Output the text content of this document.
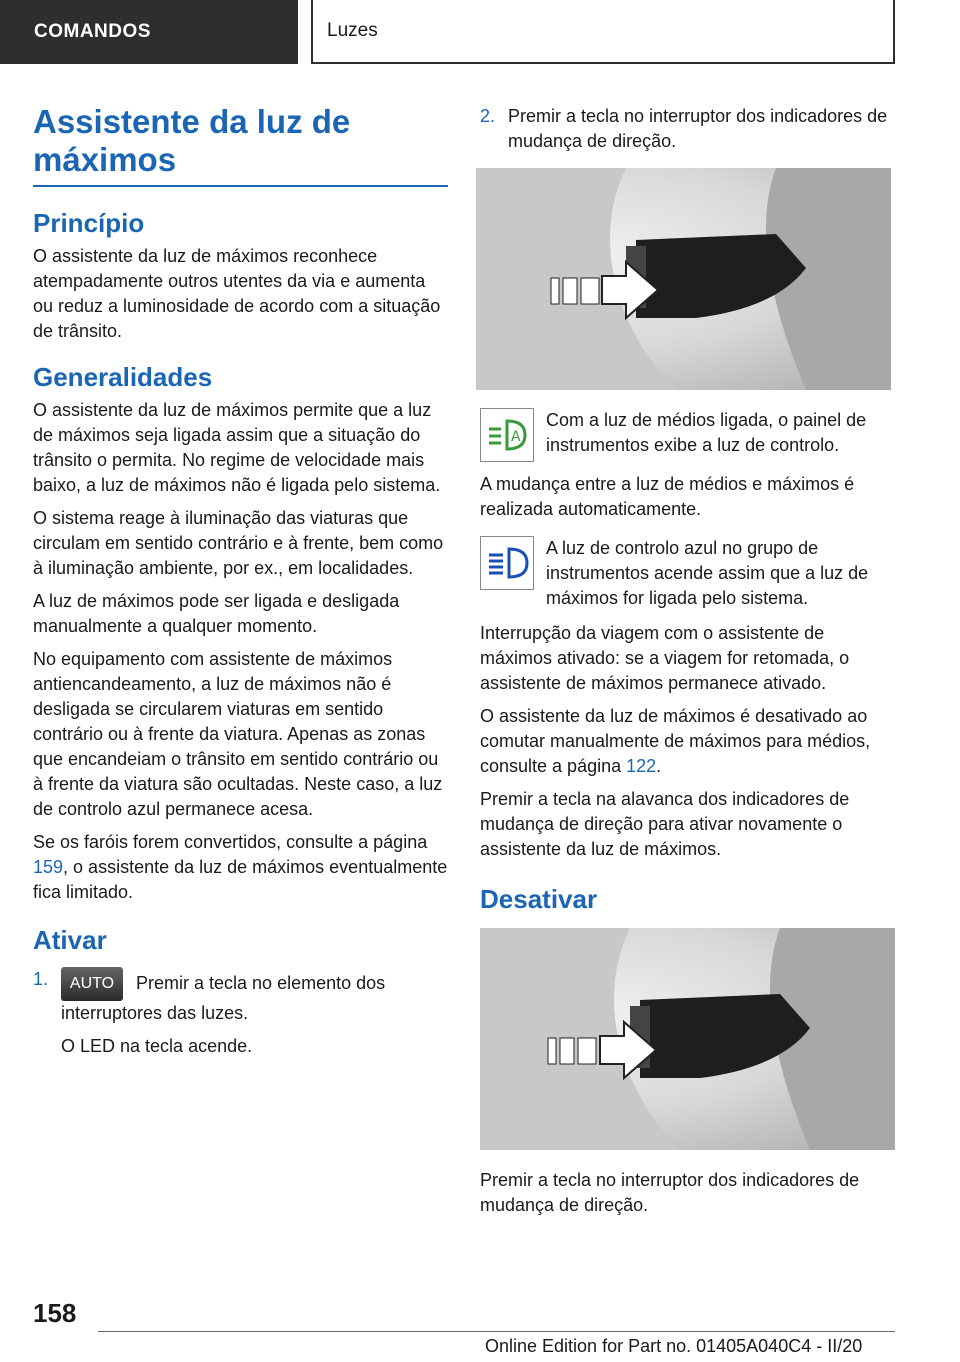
COMANDOS	Luzes
Assistente da luz de máximos
Princípio

O assistente da luz de máximos reconhece atempadamente outros utentes da via e aumenta ou reduz a luminosidade de acordo com a situação de trânsito.

Generalidades

O assistente da luz de máximos permite que a luz de máximos seja ligada assim que a situação do trânsito o permita. No regime de velocidade mais baixo, a luz de máximos não é ligada pelo sistema.

O sistema reage à iluminação das viaturas que circulam em sentido contrário e à frente, bem como à iluminação ambiente, por ex., em localidades.

A luz de máximos pode ser ligada e desligada manualmente a qualquer momento.

No equipamento com assistente de máximos antiencandeamento, a luz de máximos não é desligada se circularem viaturas em sentido contrário ou à frente da viatura. Apenas as zonas que encandeiam o trânsito em sentido contrário ou à frente da viatura são ocultadas. Neste caso, a luz de controlo azul permanece acesa.

Se os faróis forem convertidos, consulte a página 159, o assistente da luz de máximos eventualmente fica limitado.

Ativar
1.	AUTO Premir a tecla no elemento dos interruptores das luzes.

O LED na tecla acende.

2. Premir a tecla no interruptor dos indicadores de mudança de direção.

A

Com a luz de médios ligada, o painel de instrumentos exibe a luz de controlo.

A mudança entre a luz de médios e máximos é realizada automaticamente.

A luz de controlo azul no grupo de instrumentos acende assim que a luz de máximos for ligada pelo sistema.

Interrupção da viagem com o assistente de máximos ativado: se a viagem for retomada, o assistente de máximos permanece ativado.

O assistente da luz de máximos é desativado ao comutar manualmente de máximos para médios, consulte a página 122.

Premir a tecla na alavanca dos indicadores de mudança de direção para ativar novamente o assistente da luz de máximos.

Desativar

Premir a tecla no interruptor dos indicadores de mudança de direção.

158
Online Edition for Part no. 01405A040C4 - II/20
